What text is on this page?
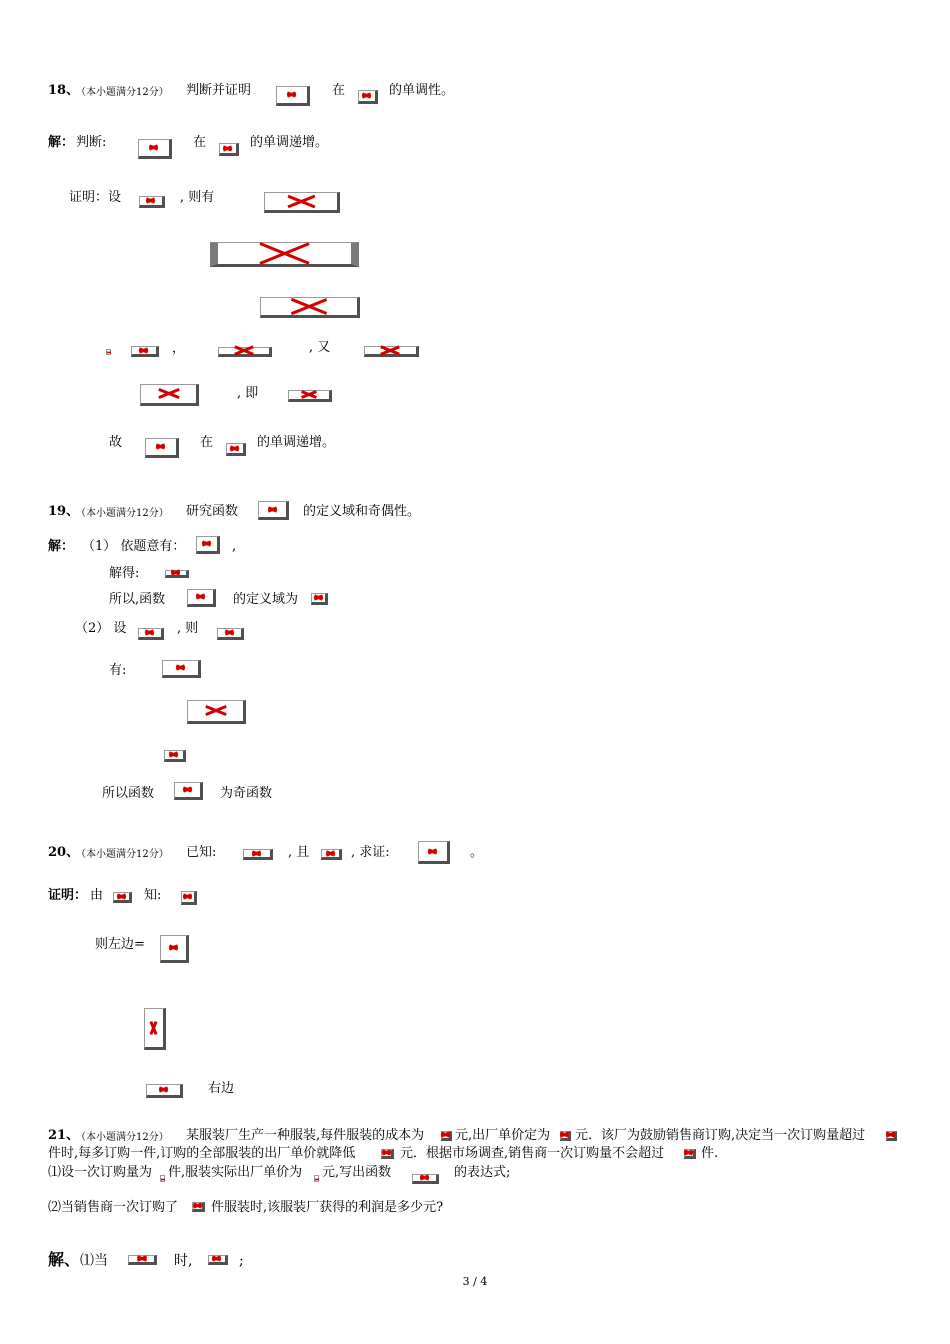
18、
（本小题满分12分） 判断并证明	在	的单调性。
解： 判断:	在	的单调递增。
证明：设	, 则有
，	, 又
, 即
故	在	的单调递增。
19、
（本小题满分12分） 研究函数	的定义域和奇偶性。
解： （1） 依题意有：	,
解得:
所以,函数	的定义域为
（2） 设	, 则
有:
所以函数	为奇函数
20、
（本小题满分12分） 已知:	, 且	, 求证:	。
证明： 由	知:
则左边=
右边
21、
（本小题满分12分） 某服装厂生产一种服装,每件服装的成本为 元,出厂单价定为 元．该厂为鼓励销售商订购,决定当一次订购量超过
件时,每多订购一件,订购的全部服装的出厂单价就降低	元．根据市场调查,销售商一次订购量不会超过	件.
⑴设一次订购量为 件,服装实际出厂单价为 元,写出函数	的表达式;
⑵当销售商一次订购了	件服装时,该服装厂获得的利润是多少元?
解、 ⑴当	时,	;
3 / 4
